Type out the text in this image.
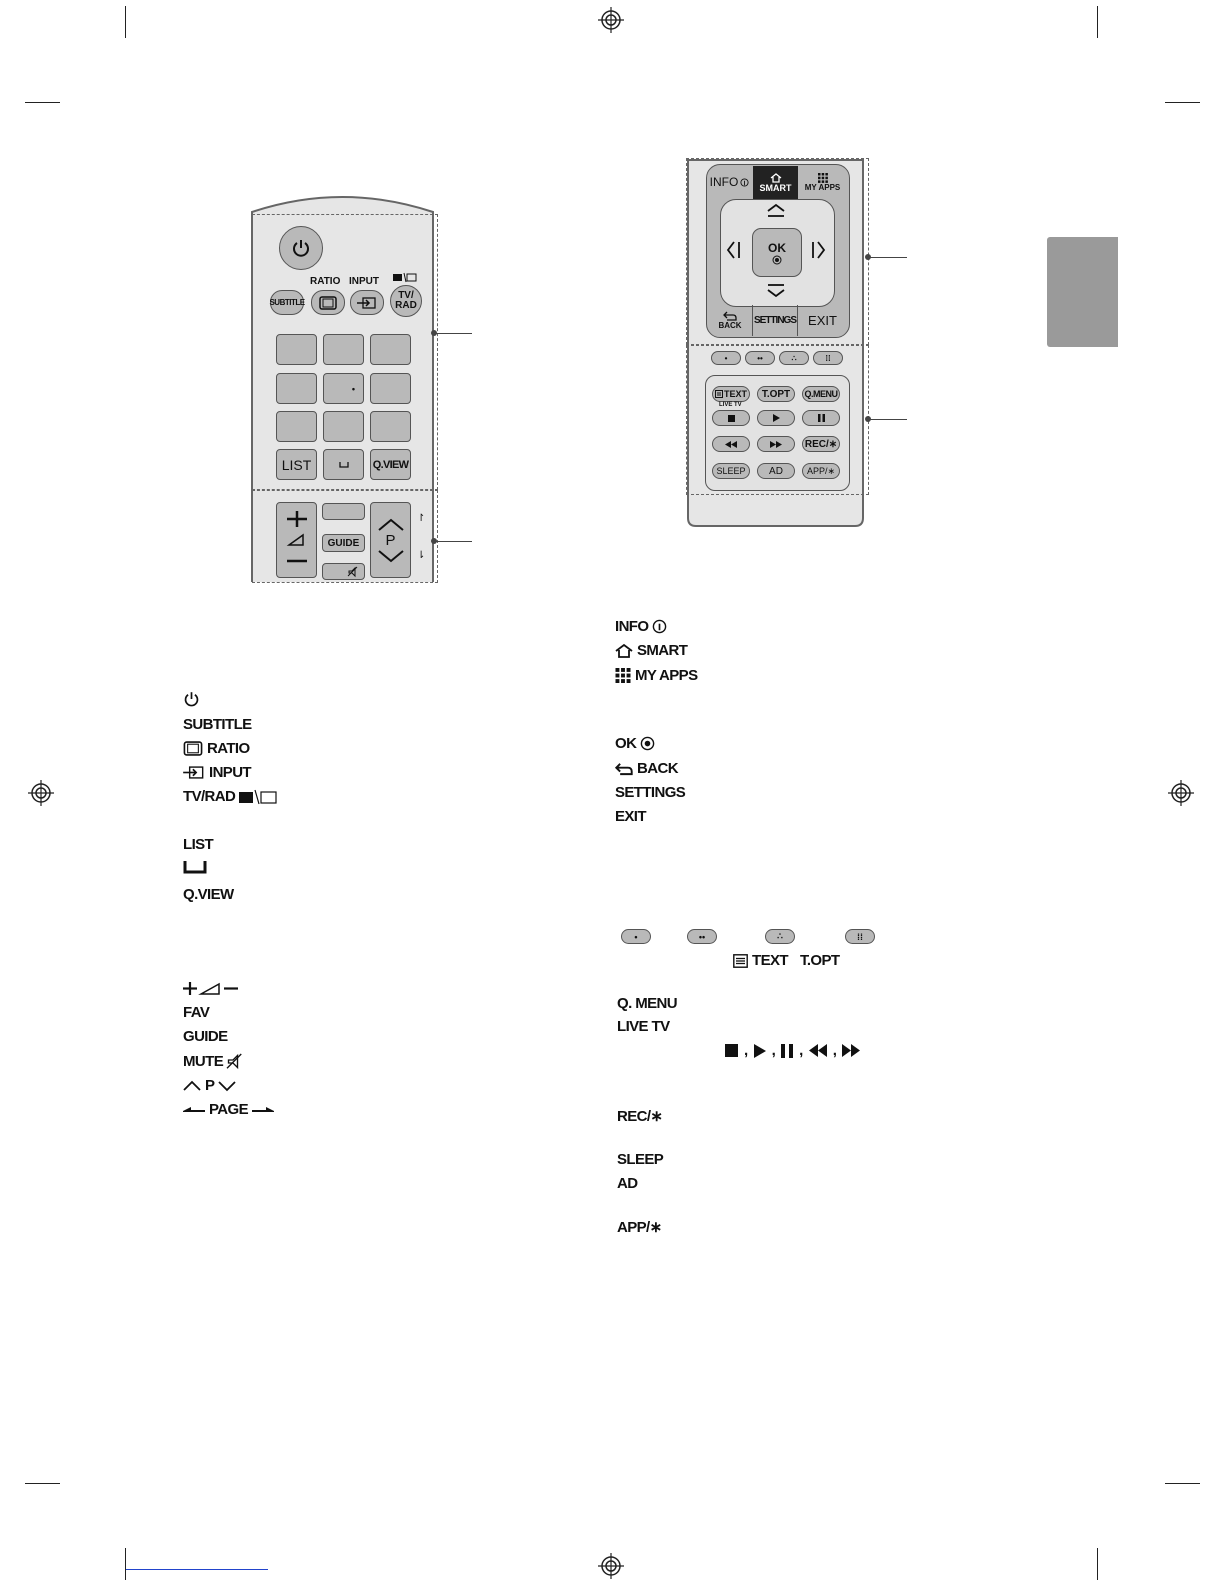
RATIO INPUT
SUBTITLE
TV/
RAD
•
LIST	Q.VIEW
GUIDE	P
↾
⇂
INFO SMART MY APPS
OK
BACK SETTINGS EXIT
•	••	∴	⁞⁞
TEXT	T.OPT	Q.MENU
LIVE TV
REC/∗
SLEEP	AD	APP/∗
SUBTITLE
RATIO
INPUT
TV/RAD
LIST
Q.VIEW
FAV
GUIDE
MUTE
P
PAGE
INFO
SMART
MY APPS
OK
BACK
SETTINGS
EXIT
•	••	∴	⁞⁞
TEXT T.OPT
Q. MENU
LIVE TV
, , , ,
REC/∗
SLEEP
AD
APP/∗
